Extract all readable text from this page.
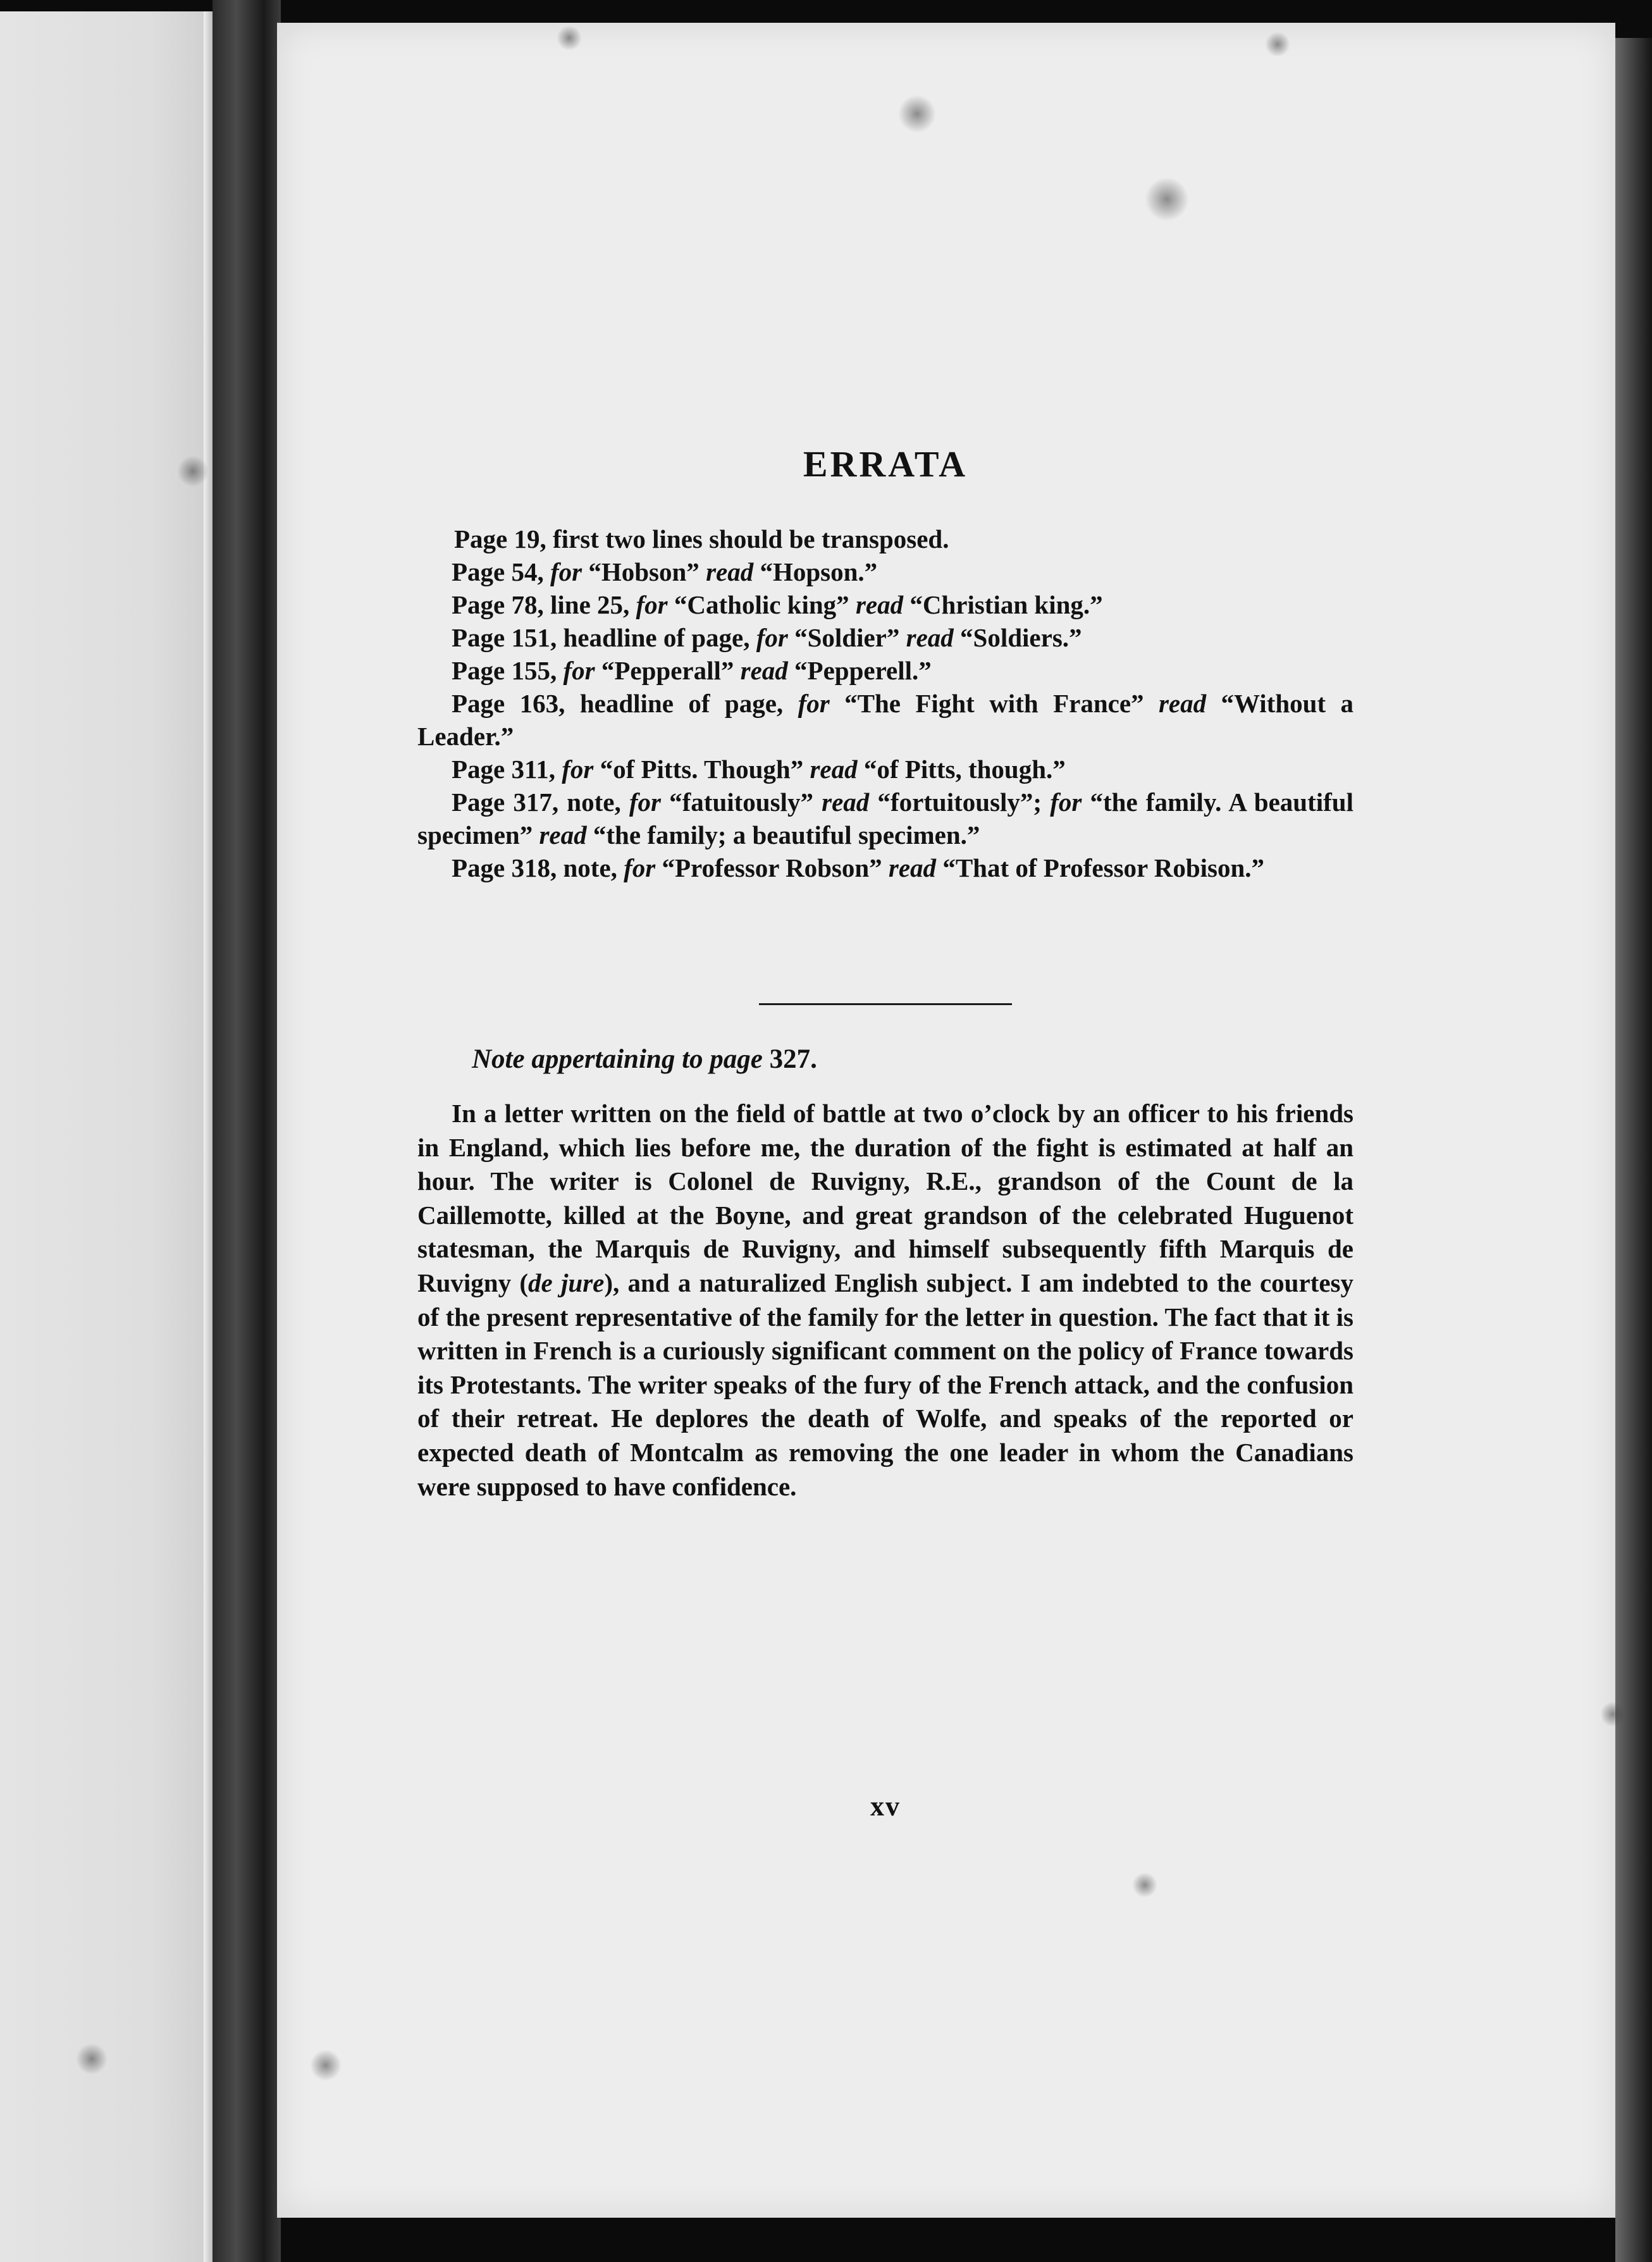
ERRATA
Page 19, first two lines should be transposed.
Page 54, for “Hobson” read “Hopson.”
Page 78, line 25, for “Catholic king” read “Christian king.”
Page 151, headline of page, for “Soldier” read “Soldiers.”
Page 155, for “Pepperall” read “Pepperell.”
Page 163, headline of page, for “The Fight with France” read “Without a Leader.”
Page 311, for “of Pitts. Though” read “of Pitts, though.”
Page 317, note, for “fatuitously” read “fortuitously”; for “the family. A beautiful specimen” read “the family; a beautiful specimen.”
Page 318, note, for “Professor Robson” read “That of Professor Robison.”

Note appertaining to page 327.

In a letter written on the field of battle at two o’clock by an officer to his friends in England, which lies before me, the duration of the fight is estimated at half an hour. The writer is Colonel de Ruvigny, R.E., grandson of the Count de la Caillemotte, killed at the Boyne, and great grandson of the celebrated Huguenot statesman, the Marquis de Ruvigny, and himself subsequently fifth Marquis de Ruvigny (de jure), and a naturalized English subject. I am indebted to the courtesy of the present representative of the family for the letter in question. The fact that it is written in French is a curiously significant comment on the policy of France towards its Protestants. The writer speaks of the fury of the French attack, and the confusion of their retreat. He deplores the death of Wolfe, and speaks of the reported or expected death of Montcalm as removing the one leader in whom the Canadians were supposed to have confidence.

xv
